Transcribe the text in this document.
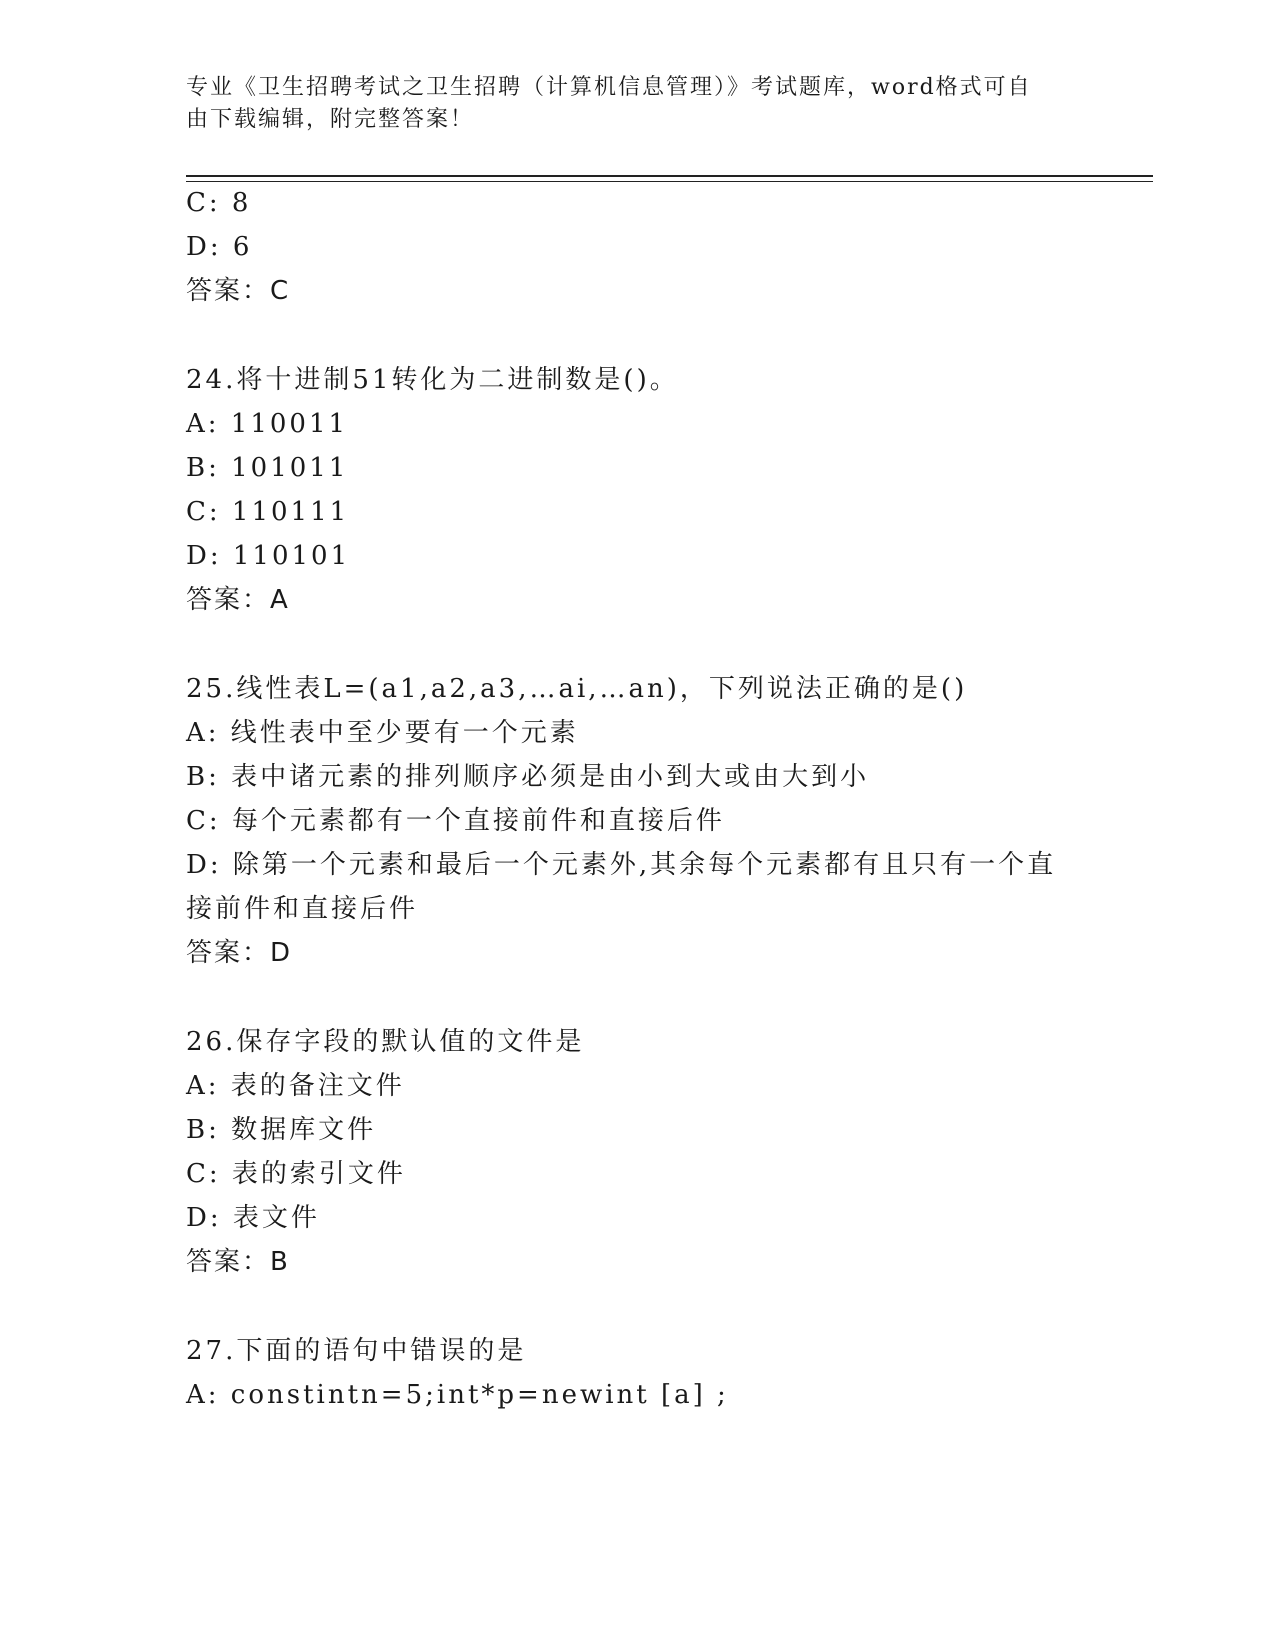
专业《卫生招聘考试之卫生招聘（计算机信息管理）》考试题库，word格式可自
由下载编辑，附完整答案！
C: 8
D: 6
答案：C
24.将十进制51转化为二进制数是()。
A: 110011
B: 101011
C: 110111
D: 110101
答案：A
25.线性表L=(a1,a2,a3,…ai,…an)，下列说法正确的是()
A: 线性表中至少要有一个元素
B: 表中诸元素的排列顺序必须是由小到大或由大到小
C: 每个元素都有一个直接前件和直接后件
D: 除第一个元素和最后一个元素外,其余每个元素都有且只有一个直
接前件和直接后件
答案：D
26.保存字段的默认值的文件是
A: 表的备注文件
B: 数据库文件
C: 表的索引文件
D: 表文件
答案：B
27.下面的语句中错误的是
A: constintn=5;int*p=newint [a] ;
